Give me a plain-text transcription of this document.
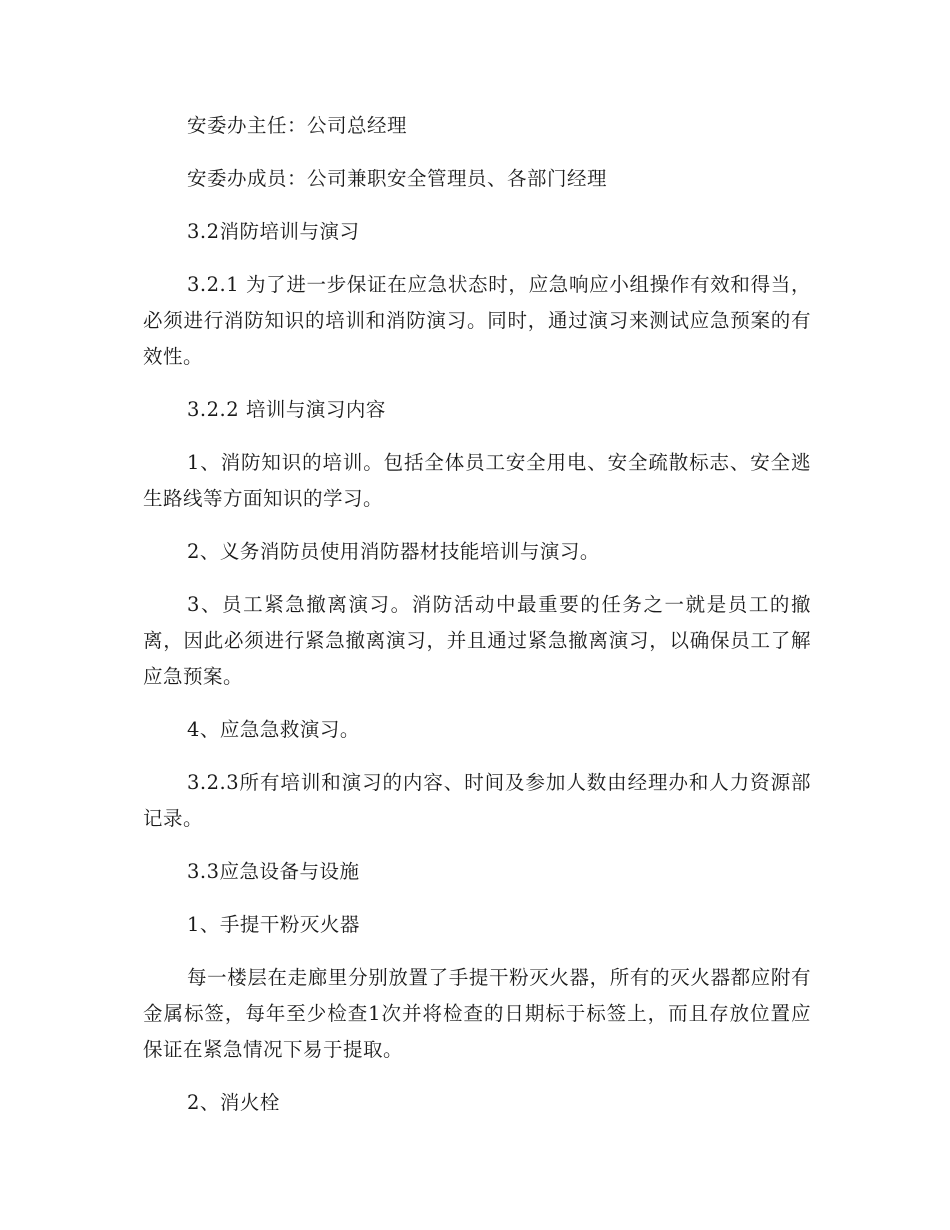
安委办主任：公司总经理

安委办成员：公司兼职安全管理员、各部门经理

3.2消防培训与演习

3.2.1 为了进一步保证在应急状态时，应急响应小组操作有效和得当，必须进行消防知识的培训和消防演习。同时，通过演习来测试应急预案的有效性。

3.2.2 培训与演习内容

1、消防知识的培训。包括全体员工安全用电、安全疏散标志、安全逃生路线等方面知识的学习。

2、义务消防员使用消防器材技能培训与演习。

3、员工紧急撤离演习。消防活动中最重要的任务之一就是员工的撤离，因此必须进行紧急撤离演习，并且通过紧急撤离演习，以确保员工了解应急预案。

4、应急急救演习。

3.2.3所有培训和演习的内容、时间及参加人数由经理办和人力资源部记录。

3.3应急设备与设施

1、手提干粉灭火器

每一楼层在走廊里分别放置了手提干粉灭火器，所有的灭火器都应附有金属标签，每年至少检查1次并将检查的日期标于标签上，而且存放位置应保证在紧急情况下易于提取。

2、消火栓
